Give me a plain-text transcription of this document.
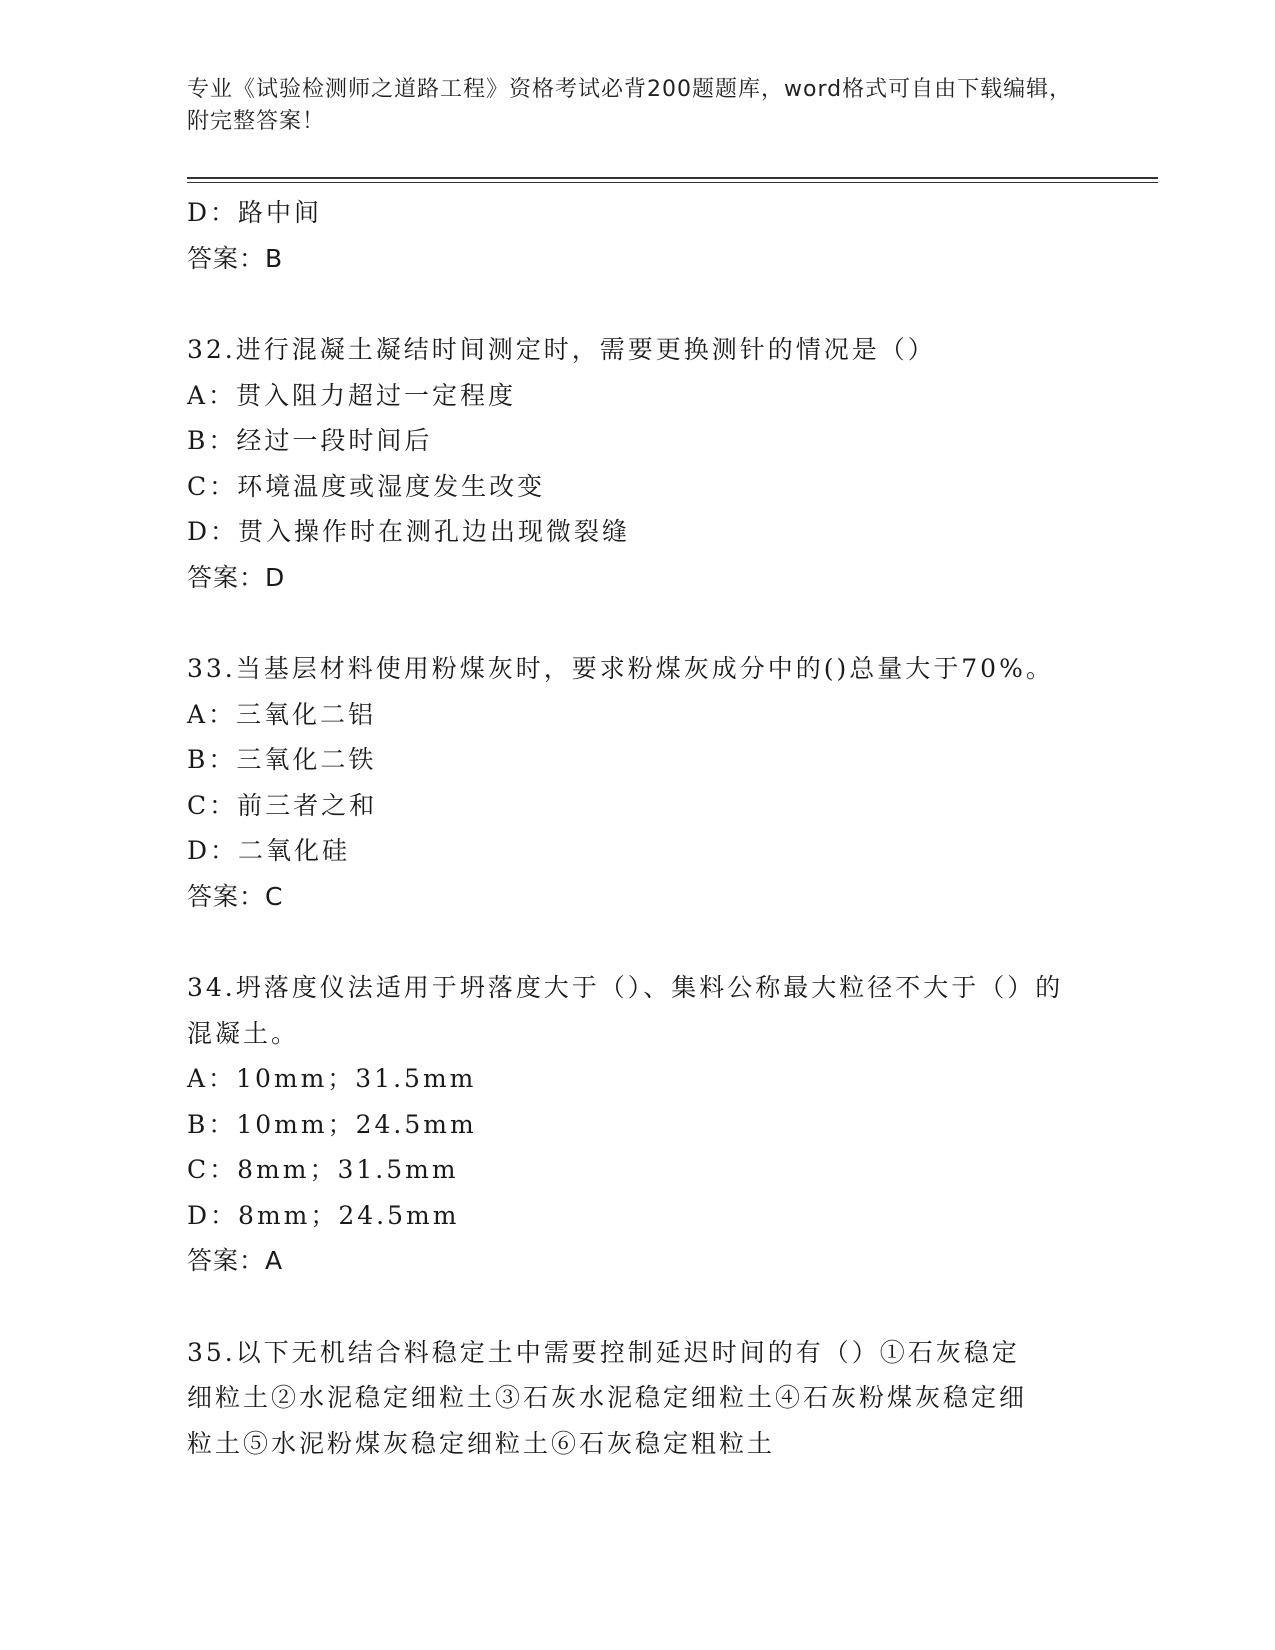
专业《试验检测师之道路工程》资格考试必背200题题库，word格式可自由下载编辑，附完整答案！
D：路中间
答案：B
32.进行混凝土凝结时间测定时，需要更换测针的情况是（）
A：贯入阻力超过一定程度
B：经过一段时间后
C：环境温度或湿度发生改变
D：贯入操作时在测孔边出现微裂缝
答案：D
33.当基层材料使用粉煤灰时，要求粉煤灰成分中的()总量大于70%。
A：三氧化二铝
B：三氧化二铁
C：前三者之和
D：二氧化硅
答案：C
34.坍落度仪法适用于坍落度大于（）、集料公称最大粒径不大于（）的混凝土。
A：10mm；31.5mm
B：10mm；24.5mm
C：8mm；31.5mm
D：8mm；24.5mm
答案：A
35.以下无机结合料稳定土中需要控制延迟时间的有（）①石灰稳定细粒土②水泥稳定细粒土③石灰水泥稳定细粒土④石灰粉煤灰稳定细粒土⑤水泥粉煤灰稳定细粒土⑥石灰稳定粗粒土
